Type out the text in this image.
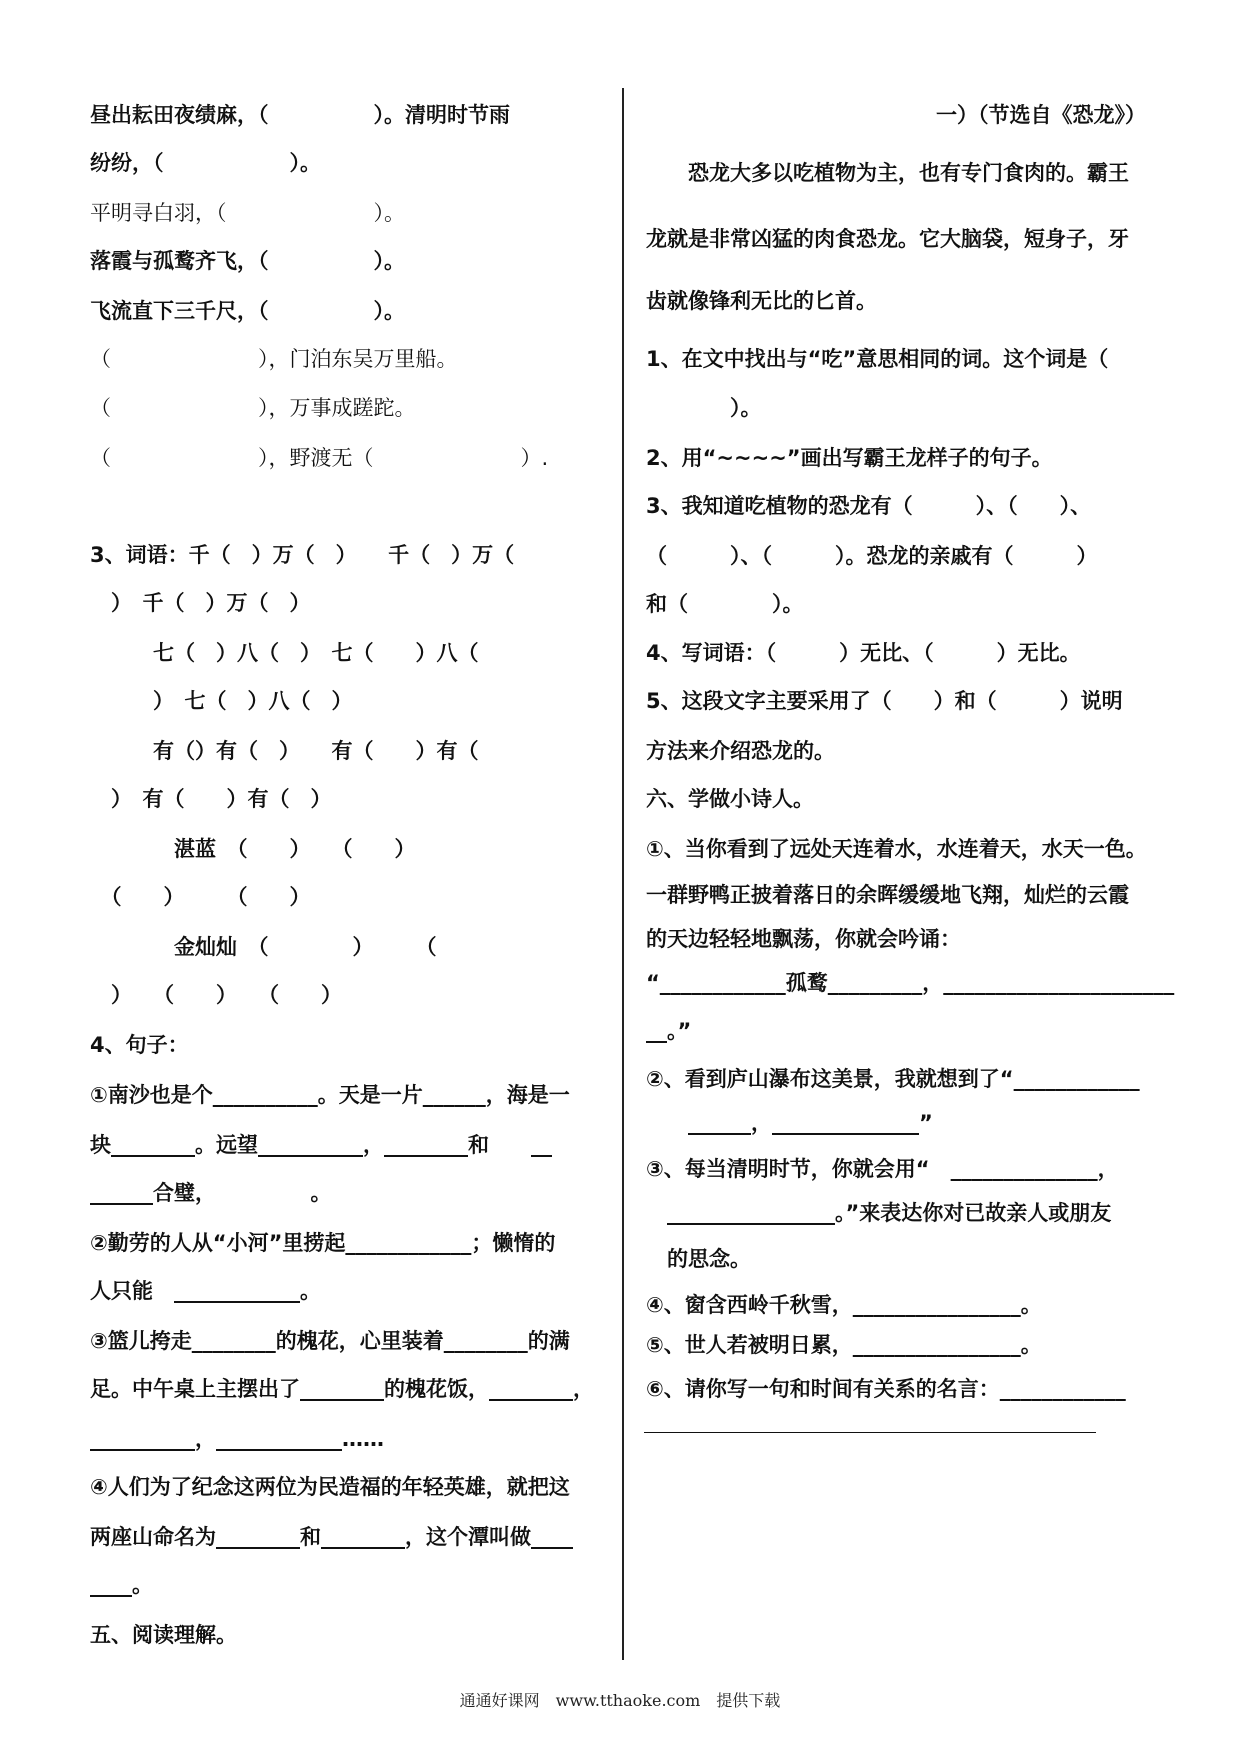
昼出耘田夜绩麻，（　　　　　）。清明时节雨
纷纷，（　　　　　　）。
平明寻白羽，（　　　　　　　）。
落霞与孤鹜齐飞，（　　　　　）。
飞流直下三千尺，（　　　　　）。
（　　　　　　　），门泊东吴万里船。
（　　　　　　　），万事成蹉跎。
（　　　　　　　），野渡无（　　　　　　　）.
3、词语：千（　）万（　）　　千（　）万（
　）　千（　）万（　）
　　　七（　）八（　）　七（　　）八（
　　　）　七（　）八（　）
　　　有（）有（　）　　有（　　）有（
　）　有（　　）有（　）
　　　　湛蓝　（　　）　　（　　）
　（　　）　　　（　　）
　　　　金灿灿　（　　　　）　　　（
　）　　（　　）　　（　　）
4、句子：
①南沙也是个__________。天是一片______，海是一
块________。远望__________，________和　　__
______合璧，　　　　　。
②勤劳的人从“小河”里捞起____________；懒惰的
人只能　____________。
③篮儿挎走________的槐花，心里装着________的满
足。中午桌上主摆出了________的槐花饭，________，
__________，____________……
④人们为了纪念这两位为民造福的年轻英雄，就把这
两座山命名为________和________，这个潭叫做____
____。
五、阅读理解。
一）（节选自《恐龙》）
　　恐龙大多以吃植物为主，也有专门食肉的。霸王
龙就是非常凶猛的肉食恐龙。它大脑袋，短身子，牙
齿就像锋利无比的匕首。
1、在文中找出与“吃”意思相同的词。这个词是（
　　　　）。
2、用“~~~~”画出写霸王龙样子的句子。
3、我知道吃植物的恐龙有（　　　）、（　　）、
（　　　）、（　　　）。恐龙的亲戚有（　　　）
和（　　　　）。
4、写词语：（　　　）无比、（　　　）无比。
5、这段文字主要采用了（　　）和（　　　）说明
方法来介绍恐龙的。
六、学做小诗人。
①、当你看到了远处天连着水，水连着天，水天一色。
一群野鸭正披着落日的余晖缓缓地飞翔，灿烂的云霞
的天边轻轻地飘荡，你就会吟诵：
“____________孤鹜_________，______________________
__。”
②、看到庐山瀑布这美景，我就想到了“____________
　　______，______________”
③、每当清明时节，你就会用“　______________，
　________________。”来表达你对已故亲人或朋友
　的思念。
④、窗含西岭千秋雪，________________。
⑤、世人若被明日累，________________。
⑥、请你写一句和时间有关系的名言：____________
通通好课网　www.tthaoke.com　提供下载
